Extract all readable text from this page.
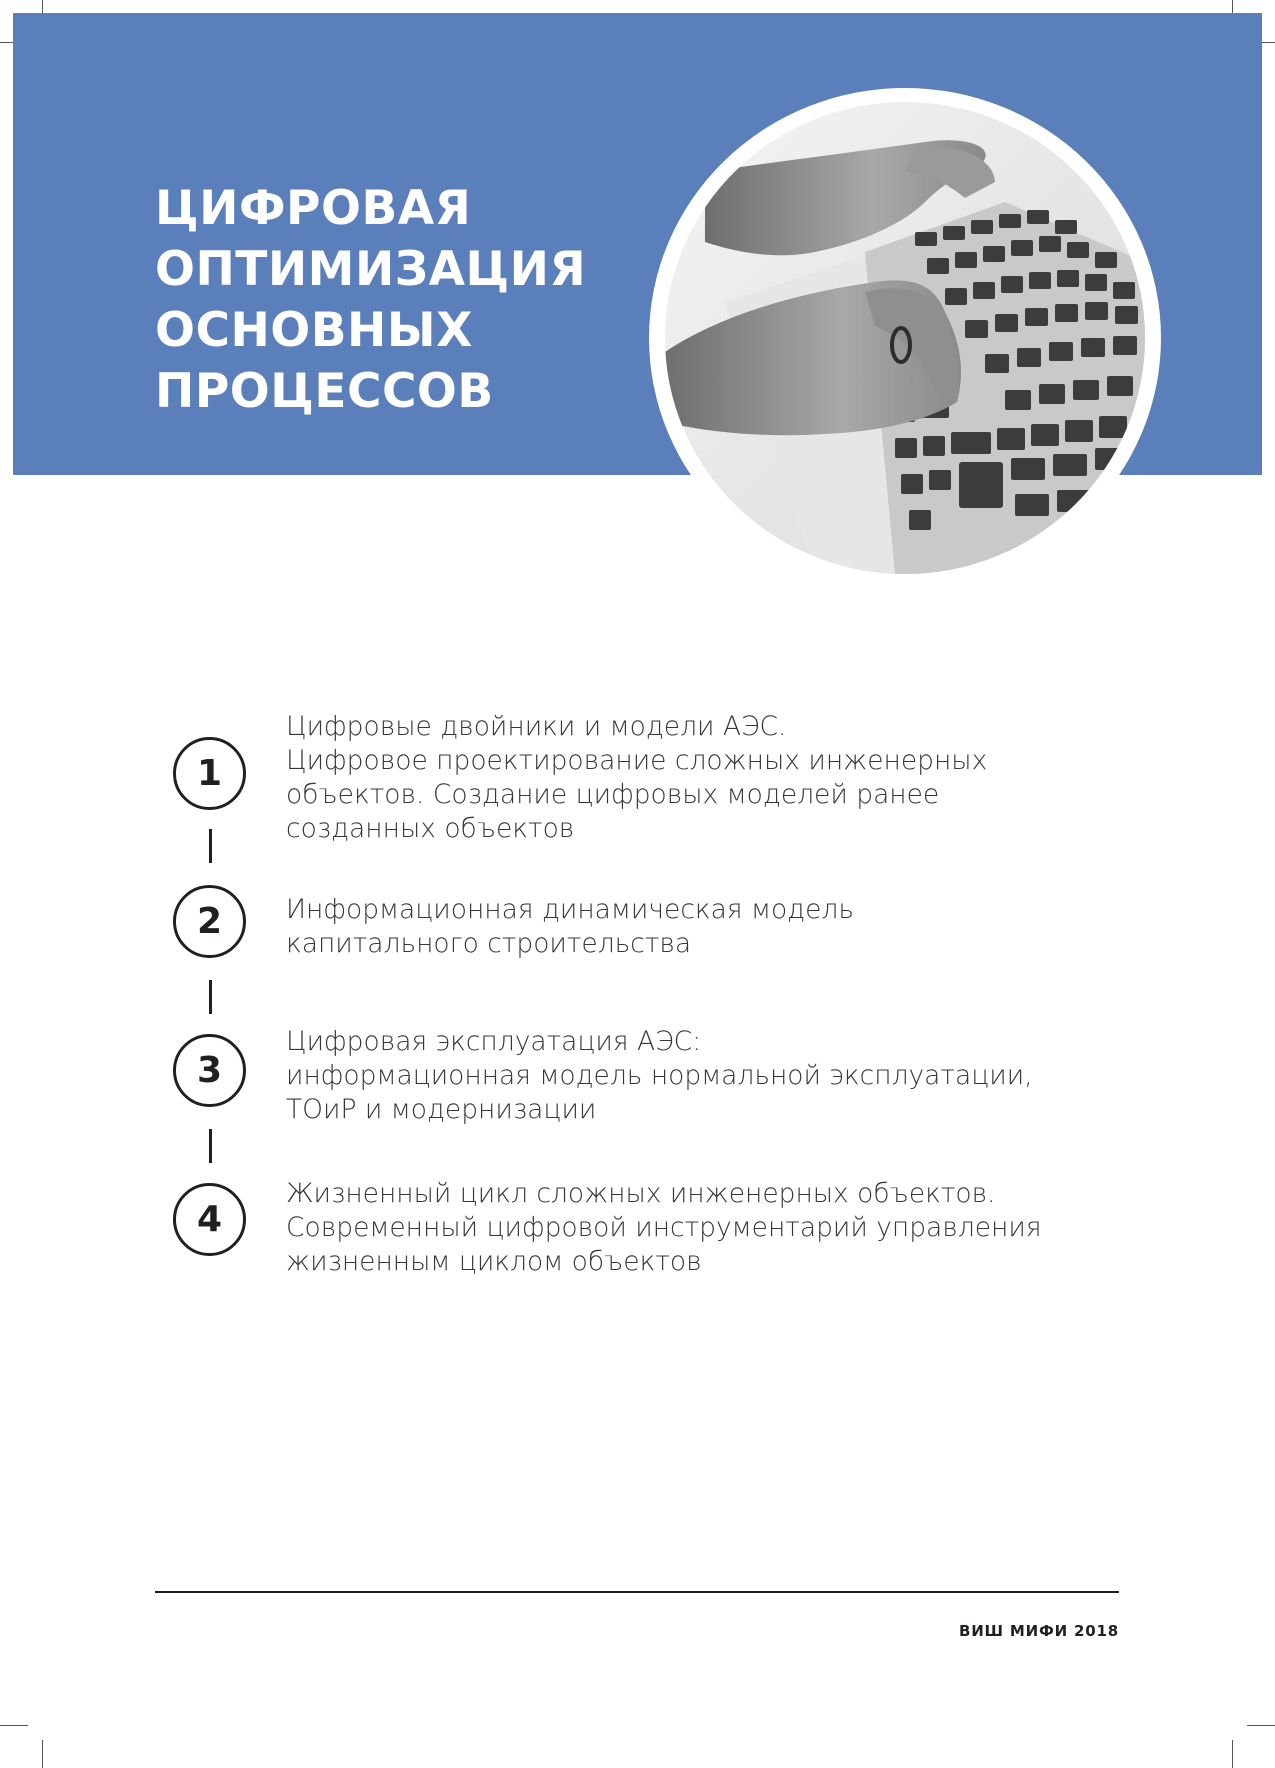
ЦИФРОВАЯ
ОПТИМИЗАЦИЯ
ОСНОВНЫХ
ПРОЦЕССОВ
1
Цифровые двойники и модели АЭС.
Цифровое проектирование сложных инженерных
объектов. Создание цифровых моделей ранее
созданных объектов
2	Информационная динамическая модель
капитального строительства
3
Цифровая эксплуатация АЭС:
информационная модель нормальной эксплуатации,
ТОиР и модернизации
4
Жизненный цикл сложных инженерных объектов.
Современный цифровой инструментарий управления
жизненным циклом объектов
ВИШ МИФИ 2018
